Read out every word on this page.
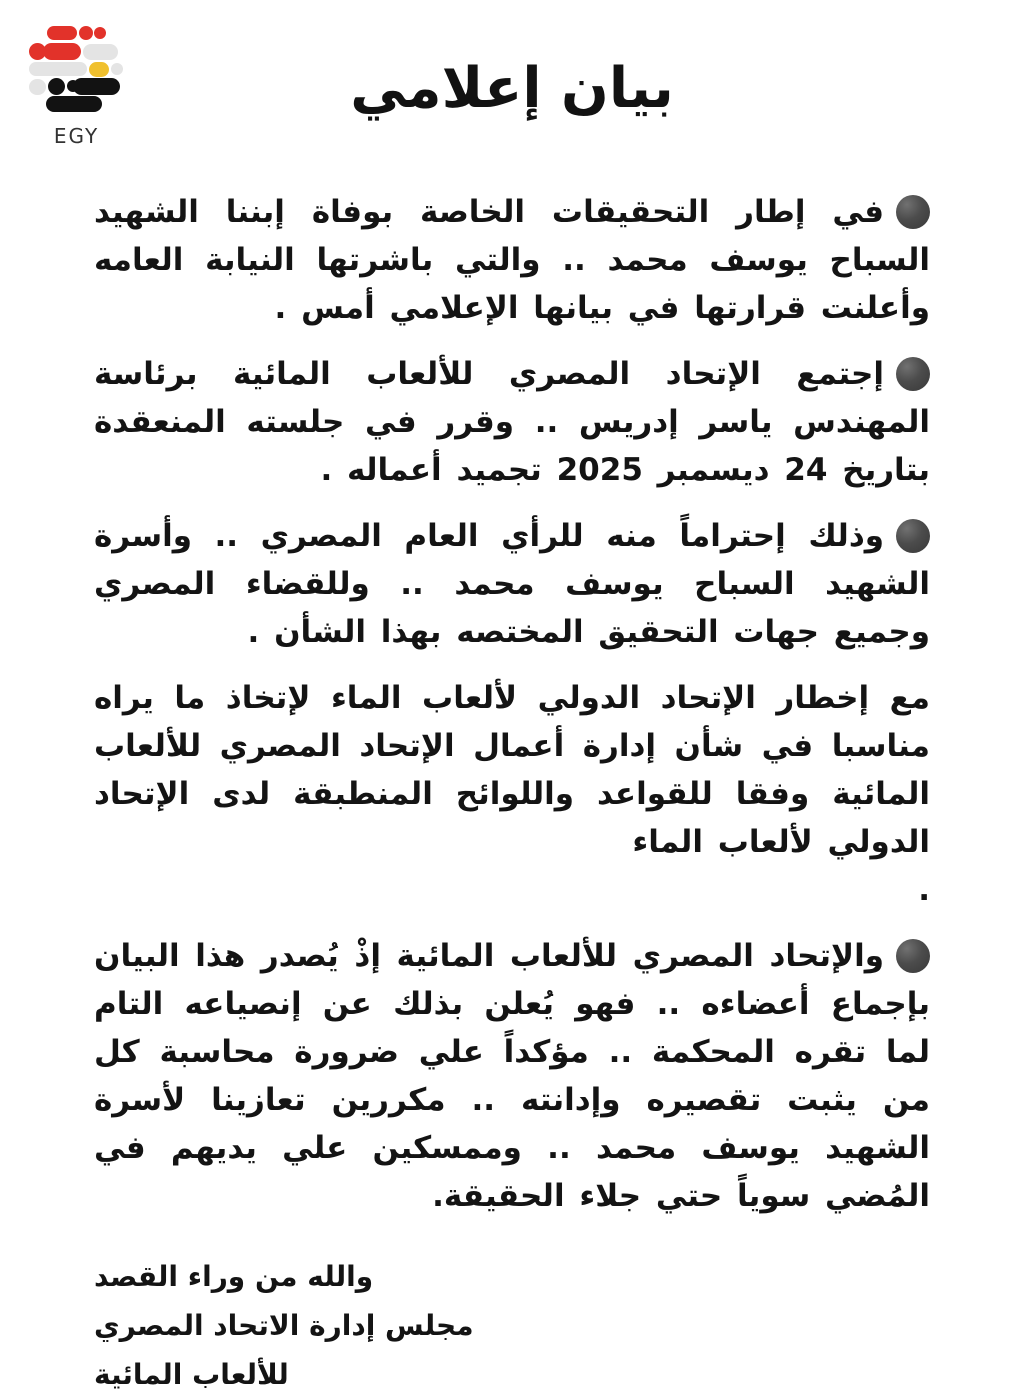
EGY
بيان إعلامي
في إطار التحقيقات الخاصة بوفاة إبننا الشهيد السباح يوسف محمد .. والتي باشرتها النيابة العامه وأعلنت قرارتها في بيانها الإعلامي أمس .
إجتمع الإتحاد المصري للألعاب المائية برئاسة المهندس ياسر إدريس .. وقرر في جلسته المنعقدة بتاريخ 24 ديسمبر 2025 تجميد أعماله .
وذلك إحتراماً منه للرأي العام المصري .. وأسرة الشهيد السباح يوسف محمد .. وللقضاء المصري وجميع جهات التحقيق المختصه بهذا الشأن .
مع إخطار الإتحاد الدولي لألعاب الماء لإتخاذ ما يراه مناسبا في شأن إدارة أعمال الإتحاد المصري للألعاب المائية وفقا للقواعد واللوائح المنطبقة لدى الإتحاد الدولي لألعاب الماء
.
والإتحاد المصري للألعاب المائية إذْ يُصدر هذا البيان بإجماع أعضاءه .. فهو يُعلن بذلك عن إنصياعه التام لما تقره المحكمة .. مؤكداً علي ضرورة محاسبة كل من يثبت تقصيره وإدانته .. مكررين تعازينا لأسرة الشهيد يوسف محمد .. وممسكين علي يديهم في المُضي سوياً حتي جلاء الحقيقة.
والله من وراء القصد
مجلس إدارة الاتحاد المصري
للألعاب المائية
